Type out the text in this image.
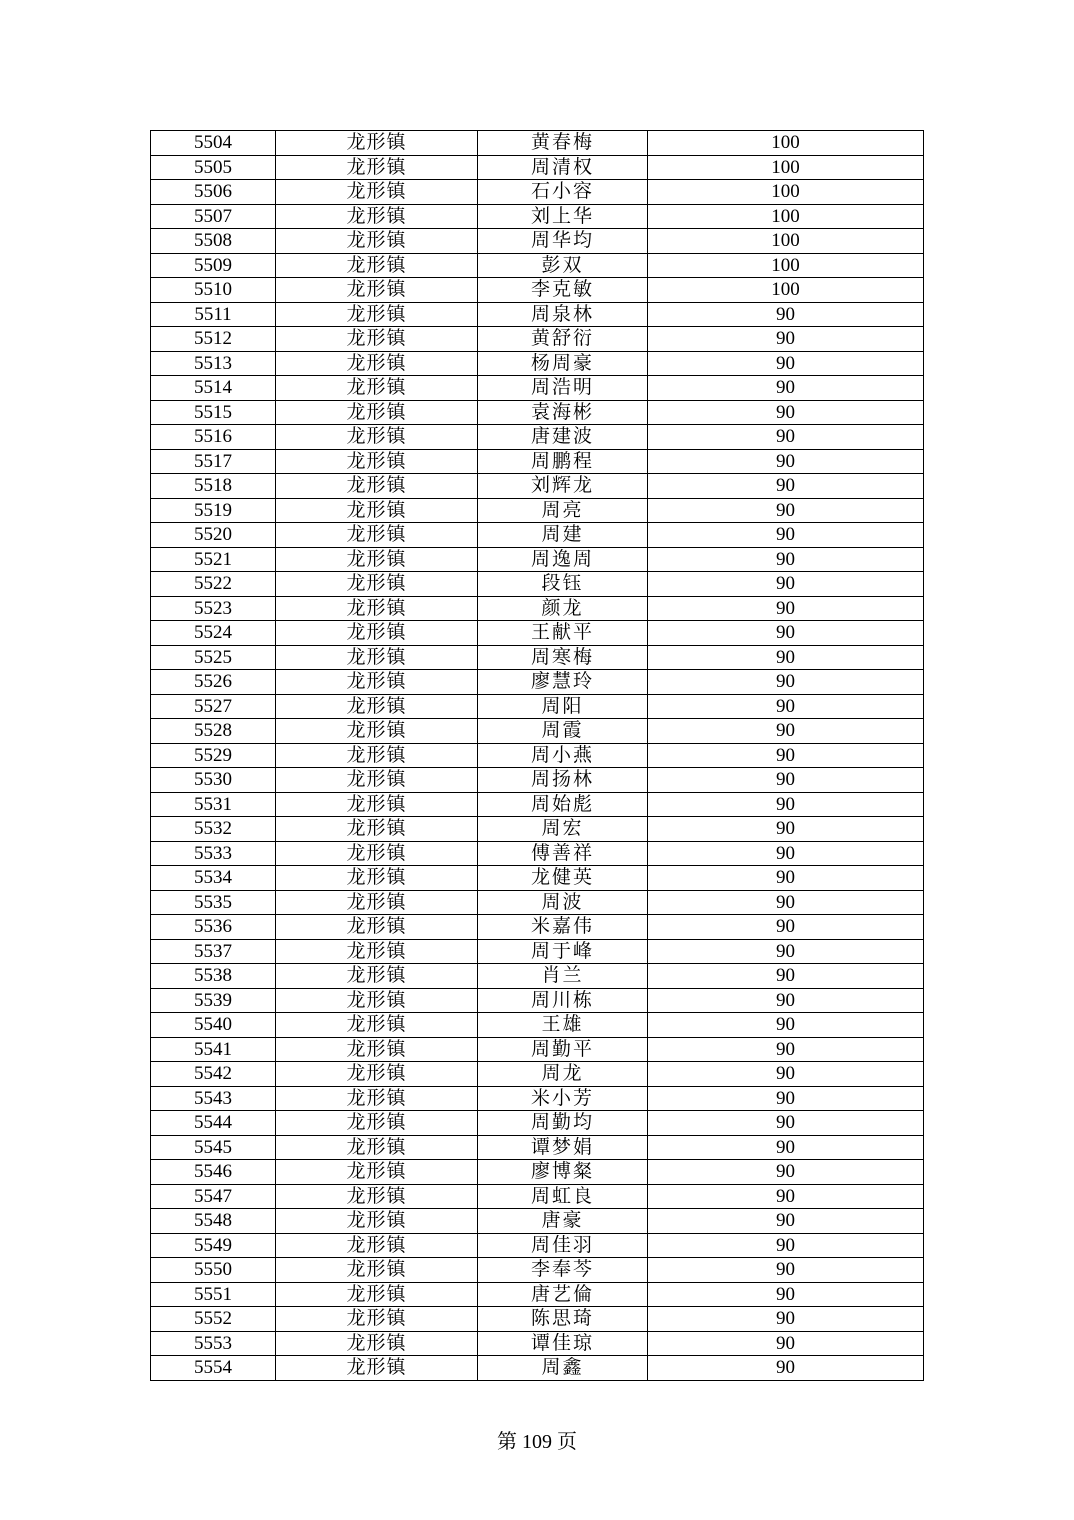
5504	龙形镇	黄春梅	100
5505	龙形镇	周清权	100
5506	龙形镇	石小容	100
5507	龙形镇	刘上华	100
5508	龙形镇	周华均	100
5509	龙形镇	彭双	100
5510	龙形镇	李克敏	100
5511	龙形镇	周泉林	90
5512	龙形镇	黄舒衍	90
5513	龙形镇	杨周豪	90
5514	龙形镇	周浩明	90
5515	龙形镇	袁海彬	90
5516	龙形镇	唐建波	90
5517	龙形镇	周鹏程	90
5518	龙形镇	刘辉龙	90
5519	龙形镇	周亮	90
5520	龙形镇	周建	90
5521	龙形镇	周逸周	90
5522	龙形镇	段钰	90
5523	龙形镇	颜龙	90
5524	龙形镇	王献平	90
5525	龙形镇	周寒梅	90
5526	龙形镇	廖慧玲	90
5527	龙形镇	周阳	90
5528	龙形镇	周霞	90
5529	龙形镇	周小燕	90
5530	龙形镇	周扬林	90
5531	龙形镇	周始彪	90
5532	龙形镇	周宏	90
5533	龙形镇	傅善祥	90
5534	龙形镇	龙健英	90
5535	龙形镇	周波	90
5536	龙形镇	米嘉伟	90
5537	龙形镇	周于峰	90
5538	龙形镇	肖兰	90
5539	龙形镇	周川栋	90
5540	龙形镇	王雄	90
5541	龙形镇	周勤平	90
5542	龙形镇	周龙	90
5543	龙形镇	米小芳	90
5544	龙形镇	周勤均	90
5545	龙形镇	谭梦娟	90
5546	龙形镇	廖博粲	90
5547	龙形镇	周虹良	90
5548	龙形镇	唐豪	90
5549	龙形镇	周佳羽	90
5550	龙形镇	李奉芩	90
5551	龙形镇	唐艺倫	90
5552	龙形镇	陈思琦	90
5553	龙形镇	谭佳琼	90
5554	龙形镇	周鑫	90
第 109 页
